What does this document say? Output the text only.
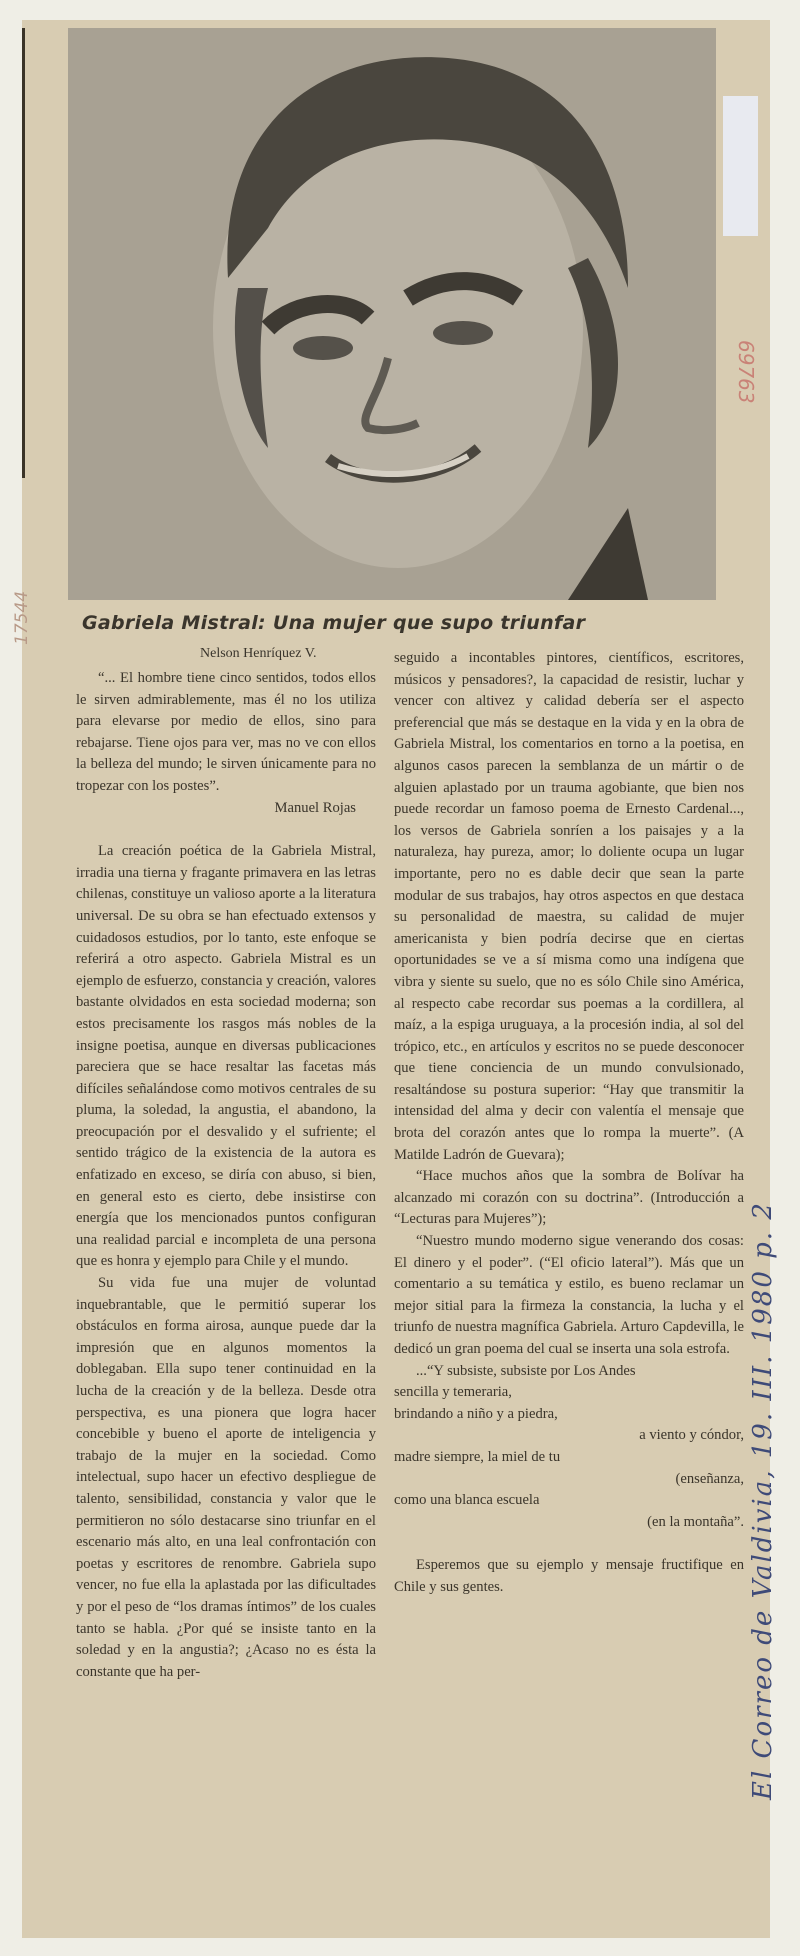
69763
17544	Gabriela Mistral: Una mujer que supo triunfar
Nelson Henríquez V.

“... El hombre tiene cinco sentidos, todos ellos le sirven admirablemente, mas él no los utiliza para elevarse por medio de ellos, sino para rebajarse. Tiene ojos para ver, mas no ve con ellos la belleza del mundo; le sirven únicamente para no tropezar con los postes”.

Manuel Rojas

La creación poética de la Gabriela Mistral, irradia una tierna y fragante primavera en las letras chilenas, constituye un valioso aporte a la literatura universal. De su obra se han efectuado extensos y cuidadosos estudios, por lo tanto, este enfoque se referirá a otro aspecto. Gabriela Mistral es un ejemplo de esfuerzo, constancia y creación, valores bastante olvidados en esta sociedad moderna; son estos precisamente los rasgos más nobles de la insigne poetisa, aunque en diversas publicaciones pareciera que se hace resaltar las facetas más difíciles señalándose como motivos centrales de su pluma, la soledad, la angustia, el abandono, la preocupación por el desvalido y el sufriente; el sentido trágico de la existencia de la autora es enfatizado en exceso, se diría con abuso, si bien, en general esto es cierto, debe insistirse con energía que los mencionados puntos configuran una realidad parcial e incompleta de una persona que es honra y ejemplo para Chile y el mundo.

Su vida fue una mujer de voluntad inquebrantable, que le permitió superar los obstáculos en forma airosa, aunque puede dar la impresión que en algunos momentos la doblegaban. Ella supo tener continuidad en la lucha de la creación y de la belleza. Desde otra perspectiva, es una pionera que logra hacer concebible y bueno el aporte de inteligencia y trabajo de la mujer en la sociedad. Como intelectual, supo hacer un efectivo despliegue de talento, sensibilidad, constancia y valor que le permitieron no sólo destacarse sino triunfar en el escenario más alto, en una leal confrontación con poetas y escritores de renombre. Gabriela supo vencer, no fue ella la aplastada por las dificultades y por el peso de “los dramas íntimos” de los cuales tanto se habla. ¿Por qué se insiste tanto en la soledad y en la angustia?; ¿Acaso no es ésta la constante que ha per-

seguido a incontables pintores, científicos, escritores, músicos y pensadores?, la capacidad de resistir, luchar y vencer con altivez y calidad debería ser el aspecto preferencial que más se destaque en la vida y en la obra de Gabriela Mistral, los comentarios en torno a la poetisa, en algunos casos parecen la semblanza de un mártir o de alguien aplastado por un trauma agobiante, que bien nos puede recordar un famoso poema de Ernesto Cardenal..., los versos de Gabriela sonríen a los paisajes y a la naturaleza, hay pureza, amor; lo doliente ocupa un lugar importante, pero no es dable decir que sean la parte modular de sus trabajos, hay otros aspectos en que destaca su personalidad de maestra, su calidad de mujer americanista y bien podría decirse que en ciertas oportunidades se ve a sí misma como una indígena que vibra y siente su suelo, que no es sólo Chile sino América, al respecto cabe recordar sus poemas a la cordillera, al maíz, a la espiga uruguaya, a la procesión india, al sol del trópico, etc., en artículos y escritos no se puede desconocer que tiene conciencia de un mundo convulsionado, resaltándose su postura superior: “Hay que transmitir la intensidad del alma y decir con valentía el mensaje que brota del corazón antes que lo rompa la muerte”. (A Matilde Ladrón de Guevara);

“Hace muchos años que la sombra de Bolívar ha alcanzado mi corazón con su doctrina”. (Introducción a “Lecturas para Mujeres”);

“Nuestro mundo moderno sigue venerando dos cosas: El dinero y el poder”. (“El oficio lateral”). Más que un comentario a su temática y estilo, es bueno reclamar un mejor sitial para la firmeza la constancia, la lucha y el triunfo de nuestra magnífica Gabriela. Arturo Capdevilla, le dedicó un gran poema del cual se inserta una sola estrofa.

...“Y subsiste, subsiste por Los Andes
sencilla y temeraria,
brindando a niño y a piedra,
a viento y cóndor,
madre siempre, la miel de tu
(enseñanza,
como una blanca escuela
(en la montaña”.

Esperemos que su ejemplo y mensaje fructifique en Chile y sus gentes.	El Correo de Valdivia, 19. III. 1980 p. 2
